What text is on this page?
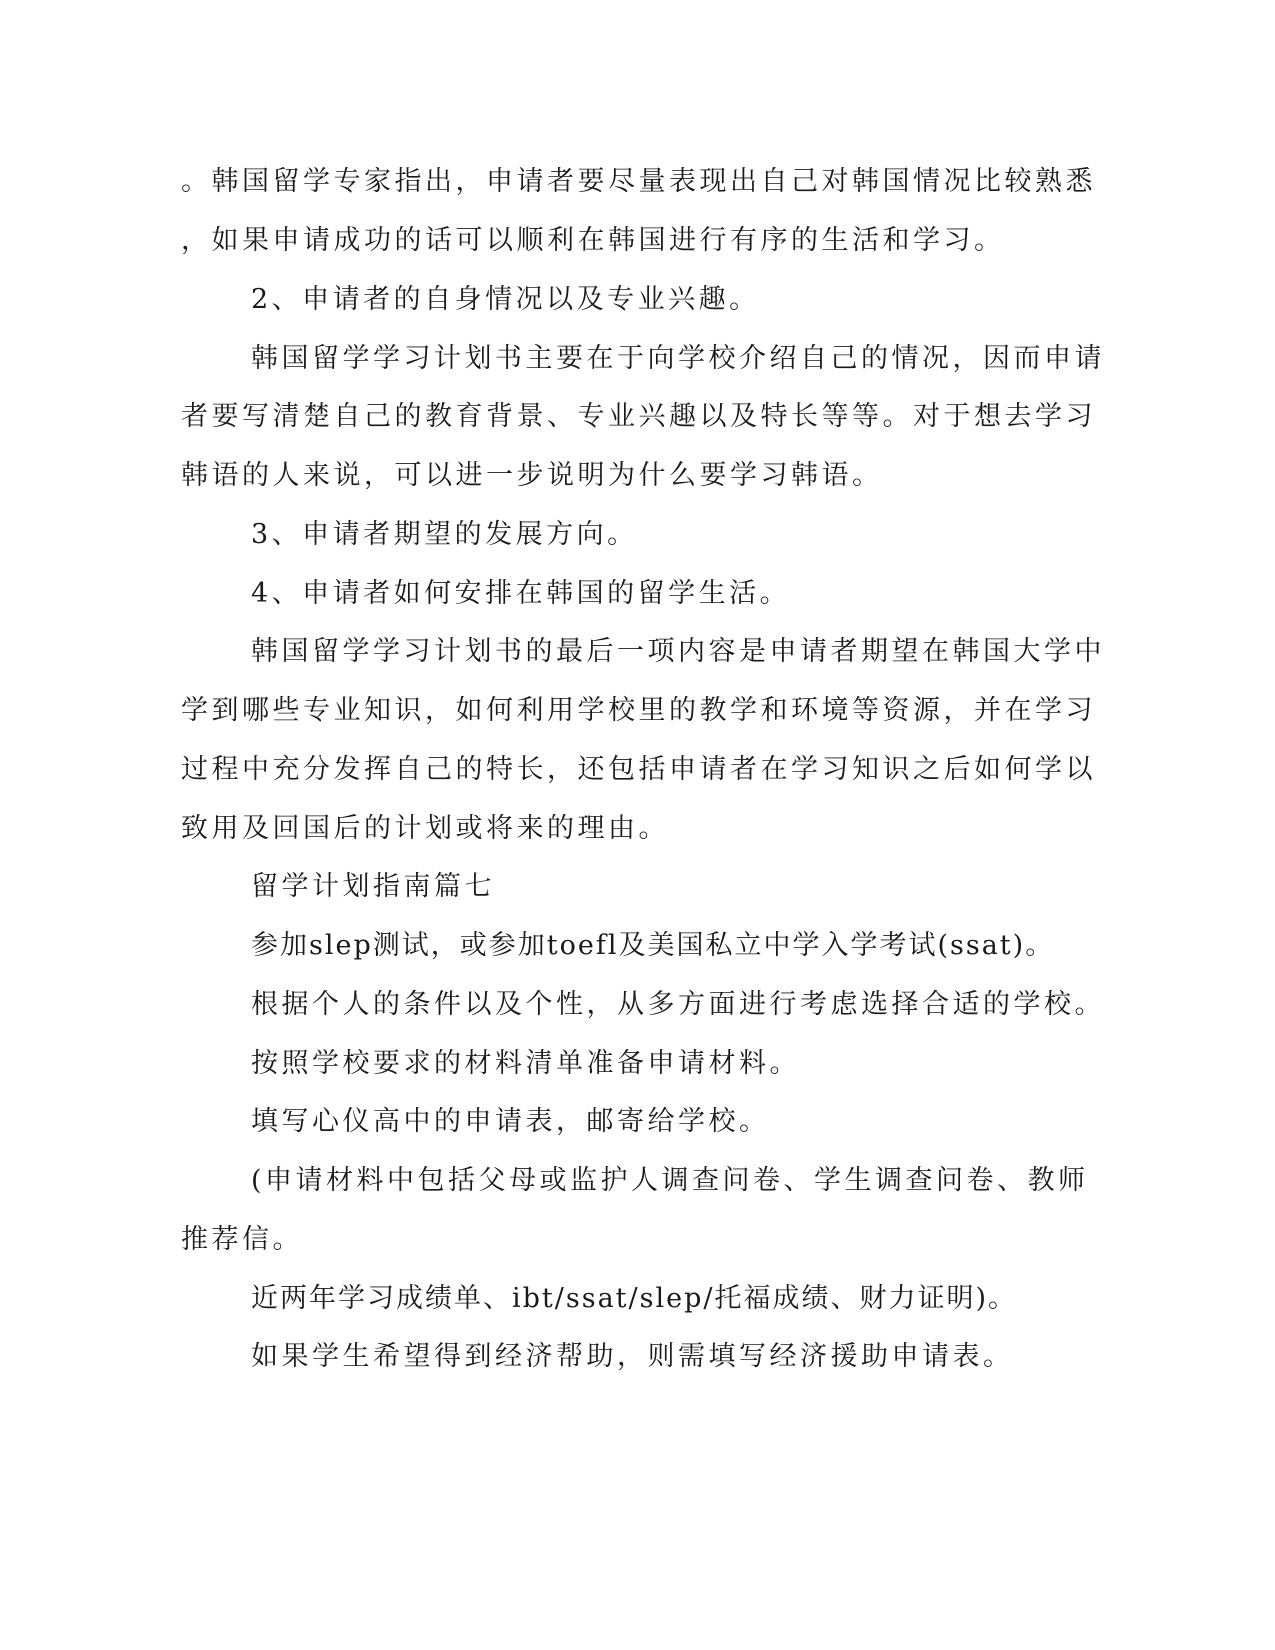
。韩国留学专家指出，申请者要尽量表现出自己对韩国情况比较熟悉
，如果申请成功的话可以顺利在韩国进行有序的生活和学习。
2、申请者的自身情况以及专业兴趣。
韩国留学学习计划书主要在于向学校介绍自己的情况，因而申请
者要写清楚自己的教育背景、专业兴趣以及特长等等。对于想去学习
韩语的人来说，可以进一步说明为什么要学习韩语。
3、申请者期望的发展方向。
4、申请者如何安排在韩国的留学生活。
韩国留学学习计划书的最后一项内容是申请者期望在韩国大学中
学到哪些专业知识，如何利用学校里的教学和环境等资源，并在学习
过程中充分发挥自己的特长，还包括申请者在学习知识之后如何学以
致用及回国后的计划或将来的理由。
留学计划指南篇七
参加slep测试，或参加toefl及美国私立中学入学考试(ssat)。
根据个人的条件以及个性，从多方面进行考虑选择合适的学校。
按照学校要求的材料清单准备申请材料。
填写心仪高中的申请表，邮寄给学校。
(申请材料中包括父母或监护人调查问卷、学生调查问卷、教师
推荐信。
近两年学习成绩单、ibt/ssat/slep/托福成绩、财力证明)。
如果学生希望得到经济帮助，则需填写经济援助申请表。
